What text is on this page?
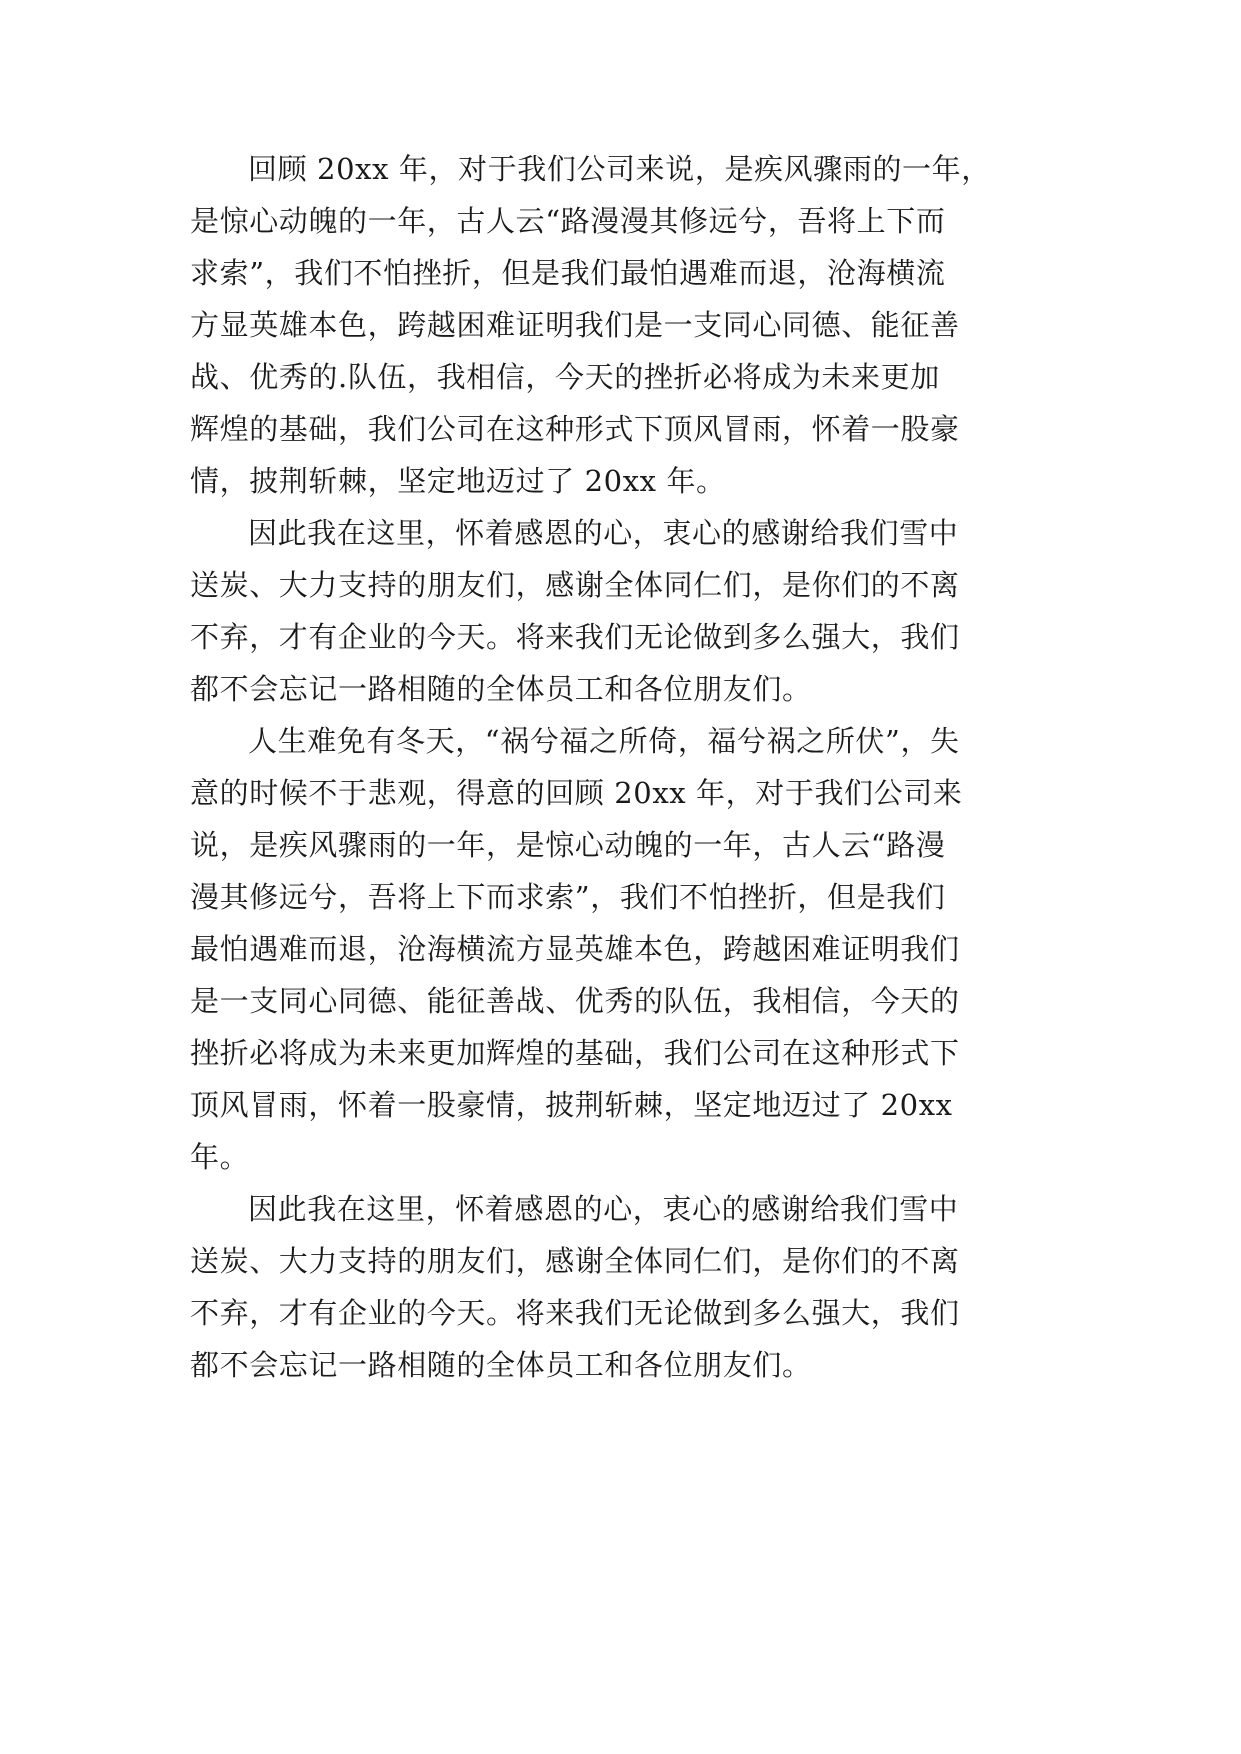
回顾 20xx 年，对于我们公司来说，是疾风骤雨的一年，
是惊心动魄的一年，古人云“路漫漫其修远兮，吾将上下而
求索”，我们不怕挫折，但是我们最怕遇难而退，沧海横流
方显英雄本色，跨越困难证明我们是一支同心同德、能征善
战、优秀的.队伍，我相信，今天的挫折必将成为未来更加
辉煌的基础，我们公司在这种形式下顶风冒雨，怀着一股豪
情，披荆斩棘，坚定地迈过了 20xx 年。
因此我在这里，怀着感恩的心，衷心的感谢给我们雪中
送炭、大力支持的朋友们，感谢全体同仁们，是你们的不离
不弃，才有企业的今天。将来我们无论做到多么强大，我们
都不会忘记一路相随的全体员工和各位朋友们。
人生难免有冬天，“祸兮福之所倚，福兮祸之所伏”，失
意的时候不于悲观，得意的回顾 20xx 年，对于我们公司来
说，是疾风骤雨的一年，是惊心动魄的一年，古人云“路漫
漫其修远兮，吾将上下而求索”，我们不怕挫折，但是我们
最怕遇难而退，沧海横流方显英雄本色，跨越困难证明我们
是一支同心同德、能征善战、优秀的队伍，我相信，今天的
挫折必将成为未来更加辉煌的基础，我们公司在这种形式下
顶风冒雨，怀着一股豪情，披荆斩棘，坚定地迈过了 20xx
年。
因此我在这里，怀着感恩的心，衷心的感谢给我们雪中
送炭、大力支持的朋友们，感谢全体同仁们，是你们的不离
不弃，才有企业的今天。将来我们无论做到多么强大，我们
都不会忘记一路相随的全体员工和各位朋友们。
